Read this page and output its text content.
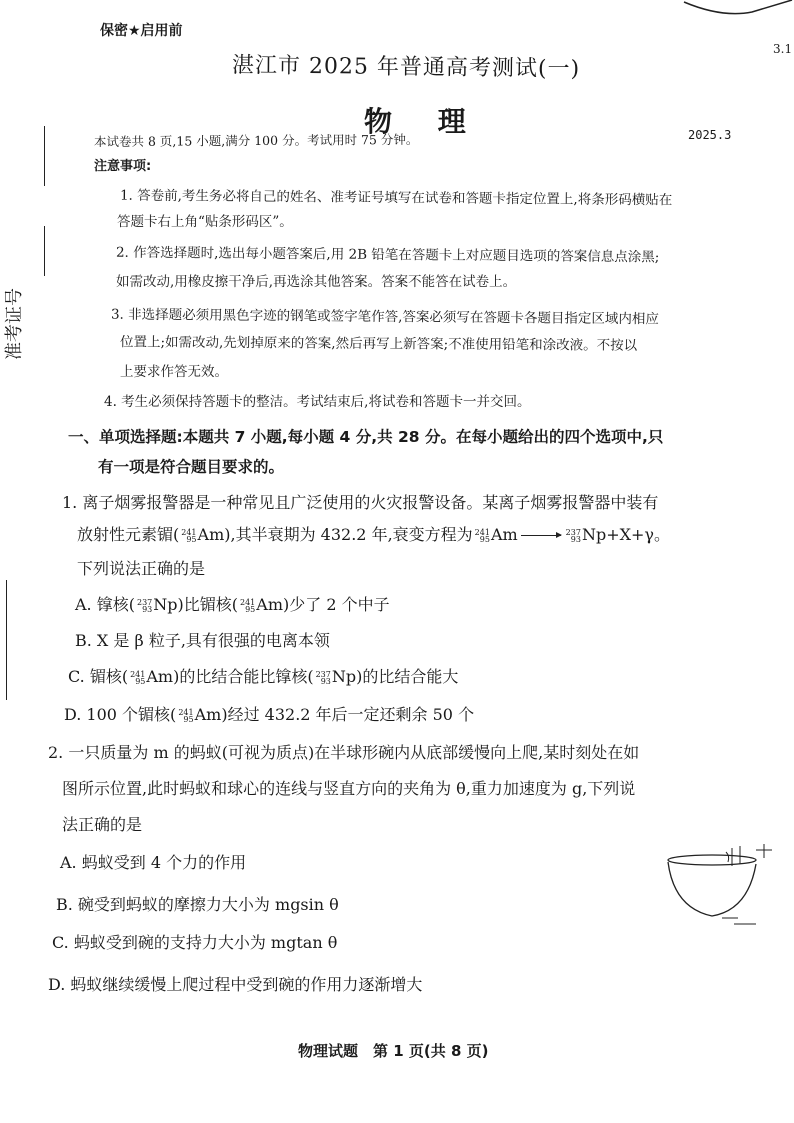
保密★启用前
湛江市 2025 年普通高考测试(一)
3.1
物 理	2025.3
本试卷共 8 页,15 小题,满分 100 分。考试用时 75 分钟。
注意事项:
1. 答卷前,考生务必将自己的姓名、准考证号填写在试卷和答题卡指定位置上,将条形码横贴在
答题卡右上角“贴条形码区”。
2. 作答选择题时,选出每小题答案后,用 2B 铅笔在答题卡上对应题目选项的答案信息点涂黑;
如需改动,用橡皮擦干净后,再选涂其他答案。答案不能答在试卷上。
3. 非选择题必须用黑色字迹的钢笔或签字笔作答,答案必须写在答题卡各题目指定区域内相应
位置上;如需改动,先划掉原来的答案,然后再写上新答案;不准使用铅笔和涂改液。不按以
上要求作答无效。
4. 考生必须保持答题卡的整洁。考试结束后,将试卷和答题卡一并交回。
准考证号
一、单项选择题:本题共 7 小题,每小题 4 分,共 28 分。在每小题给出的四个选项中,只
有一项是符合题目要求的。
1. 离子烟雾报警器是一种常见且广泛使用的火灾报警设备。某离子烟雾报警器中装有
放射性元素镅( 241
95 Am),其半衰期为 432.2 年,衰变方程为 241
95 Am	237
93 Np+X+γ。
下列说法正确的是
A. 镎核( 237
93 Np)比镅核( 241
95 Am)少了 2 个中子
B. X 是 β 粒子,具有很强的电离本领
C. 镅核( 241
95 Am)的比结合能比镎核( 237
93 Np)的比结合能大
D. 100 个镅核( 241
95 Am)经过 432.2 年后一定还剩余 50 个
2. 一只质量为 m 的蚂蚁(可视为质点)在半球形碗内从底部缓慢向上爬,某时刻处在如
图所示位置,此时蚂蚁和球心的连线与竖直方向的夹角为 θ,重力加速度为 g,下列说
法正确的是
A. 蚂蚁受到 4 个力的作用
B. 碗受到蚂蚁的摩擦力大小为 mgsin θ
C. 蚂蚁受到碗的支持力大小为 mgtan θ
D. 蚂蚁继续缓慢上爬过程中受到碗的作用力逐渐增大
物理试题　第 1 页(共 8 页)
